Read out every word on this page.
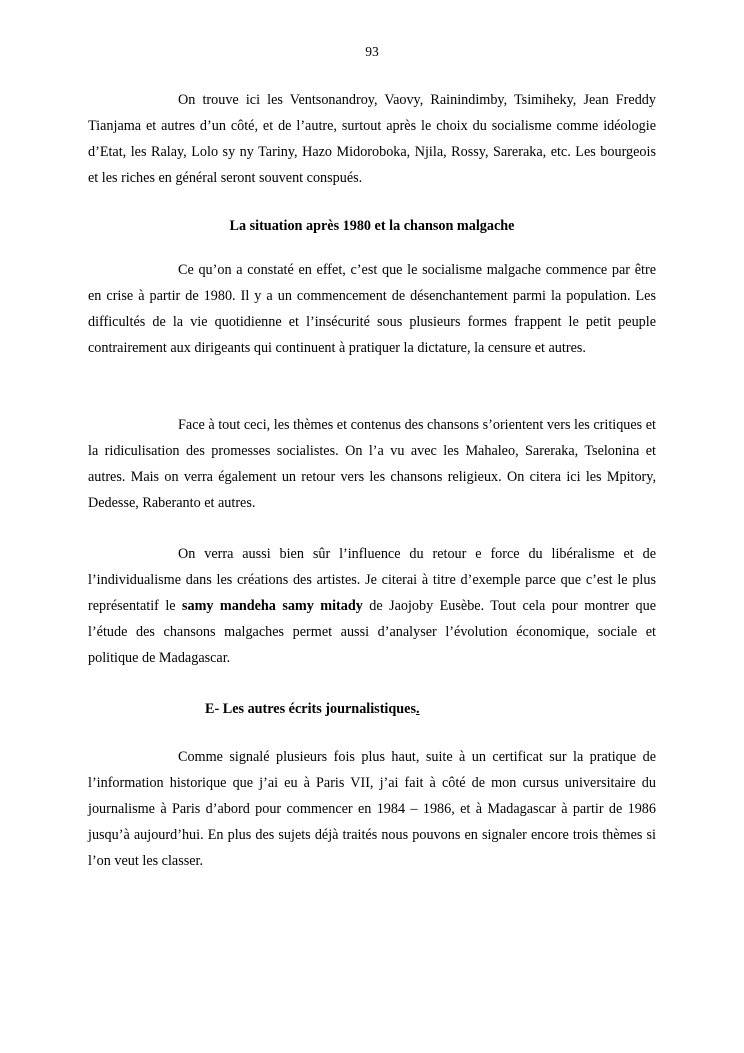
93

On trouve ici les Ventsonandroy, Vaovy, Rainindimby, Tsimiheky, Jean Freddy Tianjama et autres d’un côté, et de l’autre, surtout après le choix du socialisme comme idéologie d’Etat, les Ralay, Lolo sy ny Tariny, Hazo Midoroboka, Njila, Rossy, Sareraka, etc. Les bourgeois et les riches en général seront souvent conspués.

La situation après 1980 et la chanson malgache

Ce qu’on a constaté en effet, c’est que le socialisme malgache commence par être en crise à partir de 1980. Il y a un commencement de désenchantement parmi la population. Les difficultés de la vie quotidienne et l’insécurité sous plusieurs formes frappent le petit peuple contrairement aux dirigeants qui continuent à pratiquer la dictature, la censure et autres.

Face à tout ceci, les thèmes et contenus des chansons s’orientent vers les critiques et la ridiculisation des promesses socialistes. On l’a vu avec les Mahaleo, Sareraka, Tselonina et autres. Mais on verra également un retour vers les chansons religieux. On citera ici les Mpitory, Dedesse, Raberanto et autres.

On verra aussi bien sûr l’influence du retour e force du libéralisme et de l’individualisme dans les créations des artistes. Je citerai à titre d’exemple parce que c’est le plus représentatif le samy mandeha samy mitady de Jaojoby Eusèbe. Tout cela pour montrer que l’étude des chansons malgaches permet aussi d’analyser l’évolution économique, sociale et politique de Madagascar.

E- Les autres écrits journalistiques.

Comme signalé plusieurs fois plus haut, suite à un certificat sur la pratique de l’information historique que j’ai eu à Paris VII, j’ai fait à côté de mon cursus universitaire du journalisme à Paris d’abord pour commencer en 1984 – 1986, et à Madagascar à partir de 1986 jusqu’à aujourd’hui. En plus des sujets déjà traités nous pouvons en signaler encore trois thèmes si l’on veut les classer.
